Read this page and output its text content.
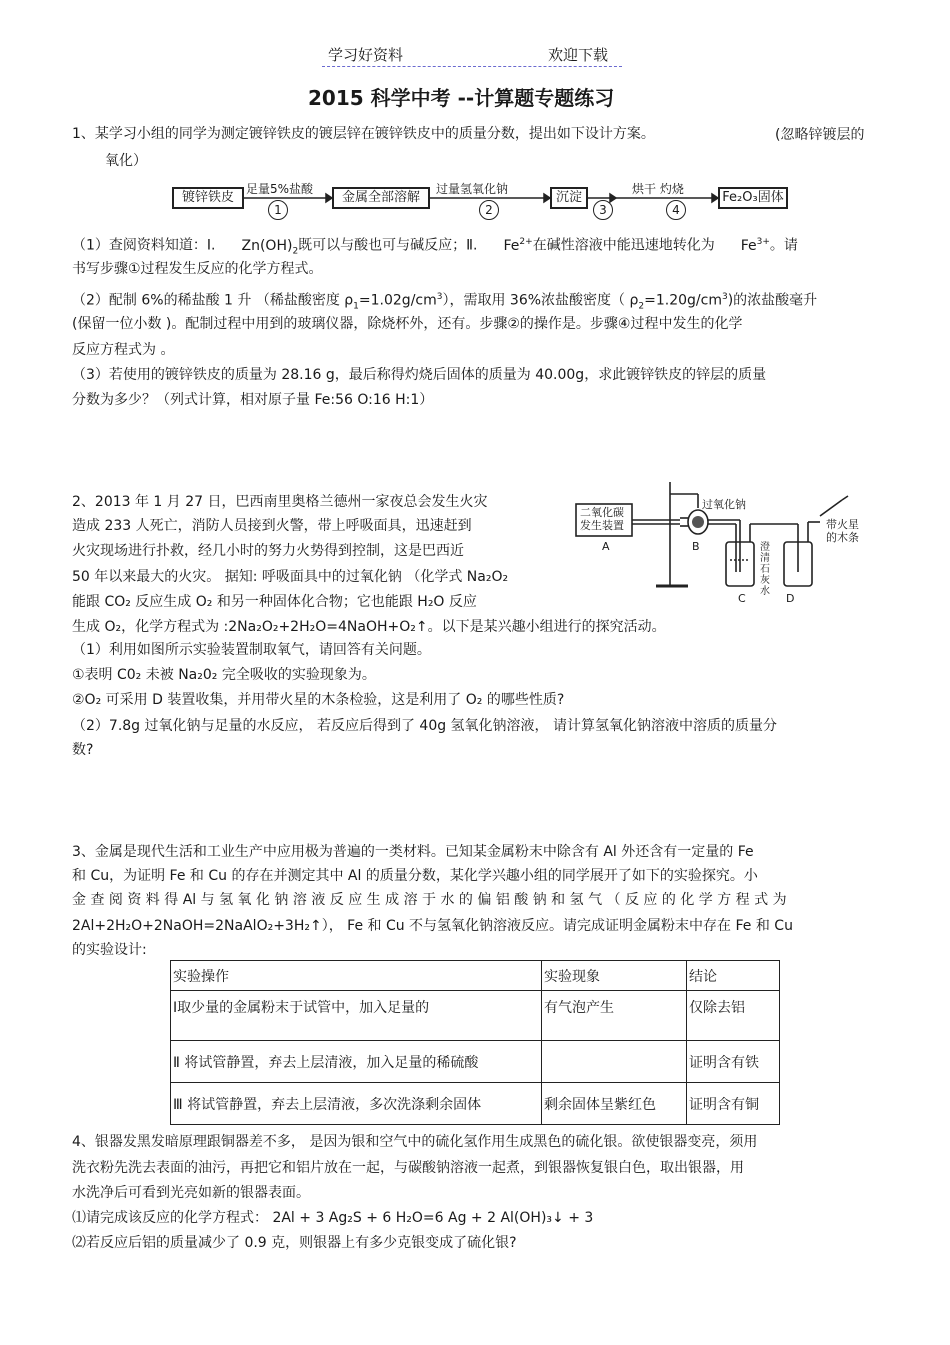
学习好资料	欢迎下载
2015 科学中考 --计算题专题练习
1、某学习小组的同学为测定镀锌铁皮的镀层锌在镀锌铁皮中的质量分数，提出如下设计方案。	(忽略锌镀层的
氧化）
镀锌铁皮	金属全部溶解	沉淀	Fe₂O₃固体
足量5%盐酸	过量氢氧化钠	烘干 灼烧
1	2	3	4
（1）查阅资料知道：Ⅰ. $Zn(OH)_2$既可以与酸也可与碱反应；Ⅱ. $Fe^{2+}$在碱性溶液中能迅速地转化为 $Fe^{3+}$。请
书写步骤①过程发生反应的化学方程式。
（2）配制 6%的稀盐酸 1 升 （稀盐酸密度 $\rho_1=1.02g/cm^3$），需取用 36%浓盐酸密度（ $\rho_2=1.20g/cm^3$)的浓盐酸毫升
(保留一位小数 )。配制过程中用到的玻璃仪器，除烧杯外，还有。步骤②的操作是。步骤④过程中发生的化学
反应方程式为 。
（3）若使用的镀锌铁皮的质量为 28.16 g，最后称得灼烧后固体的质量为 40.00g，求此镀锌铁皮的锌层的质量
分数为多少？（列式计算，相对原子量 Fe:56 O:16 H:1）
2、2013 年 1 月 27 日，巴西南里奥格兰德州一家夜总会发生火灾
造成 233 人死亡，消防人员接到火警，带上呼吸面具，迅速赶到
火灾现场进行扑救，经几小时的努力火势得到控制，这是巴西近
50 年以来最大的火灾。 据知: 呼吸面具中的过氧化钠 （化学式 Na₂O₂
能跟 CO₂ 反应生成 O₂ 和另一种固体化合物；它也能跟 H₂O 反应
生成 O₂，化学方程式为 :2Na₂O₂+2H₂O=4NaOH+O₂↑。以下是某兴趣小组进行的探究活动。
（1）利用如图所示实验装置制取氧气，请回答有关问题。
①表明 C0₂ 未被 Na₂0₂ 完全吸收的实验现象为。
②O₂ 可采用 D 装置收集，并用带火星的木条检验，这是利用了 O₂ 的哪些性质?
（2）7.8g 过氧化钠与足量的水反应， 若反应后得到了 40g 氢氧化钠溶液， 请计算氢氧化钠溶液中溶质的质量分
数?
二氧化碳
发生装置
过氧化钠
澄
清
石
灰
水
带火星
的木条
A	B
C	D
3、金属是现代生活和工业生产中应用极为普遍的一类材料。已知某金属粉末中除含有 Al 外还含有一定量的 Fe
和 Cu，为证明 Fe 和 Cu 的存在并测定其中 Al 的质量分数，某化学兴趣小组的同学展开了如下的实验探究。小
金 查 阅 资 料 得 Al 与 氢 氧 化 钠 溶 液 反 应 生 成 溶 于 水 的 偏 铝 酸 钠 和 氢 气 （ 反 应 的 化 学 方 程 式 为
2Al+2H₂O+2NaOH=2NaAlO₂+3H₂↑）， Fe 和 Cu 不与氢氧化钠溶液反应。请完成证明金属粉末中存在 Fe 和 Cu
的实验设计:
实验操作	实验现象	结论
Ⅰ取少量的金属粉末于试管中，加入足量的	有气泡产生	仅除去铝
Ⅱ 将试管静置，弃去上层清液，加入足量的稀硫酸		证明含有铁
Ⅲ 将试管静置，弃去上层清液，多次洗涤剩余固体	剩余固体呈紫红色	证明含有铜
4、银器发黑发暗原理跟铜器差不多， 是因为银和空气中的硫化氢作用生成黑色的硫化银。欲使银器变亮，须用
洗衣粉先洗去表面的油污，再把它和铝片放在一起，与碳酸钠溶液一起煮，到银器恢复银白色，取出银器，用
水洗净后可看到光亮如新的银器表面。
⑴请完成该反应的化学方程式： 2Al + 3 Ag₂S + 6 H₂O=6 Ag + 2 Al(OH)₃↓ + 3
⑵若反应后铝的质量减少了 0.9 克，则银器上有多少克银变成了硫化银?
